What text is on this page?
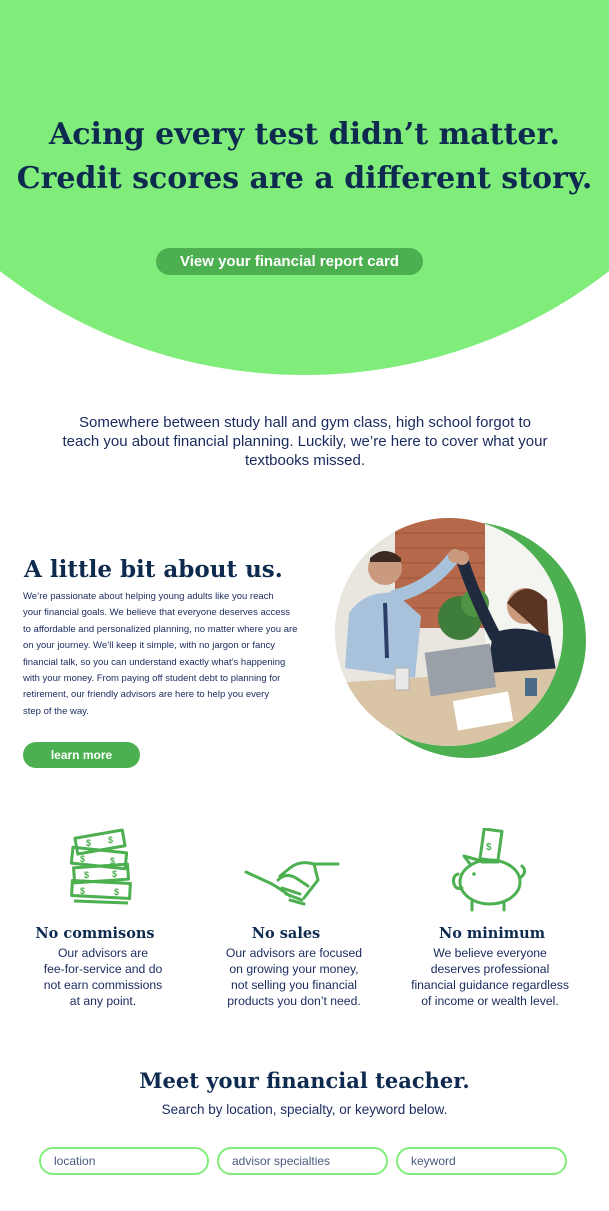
Acing every test didn’t matter.
Credit scores are a different story.
View your financial report card
Somewhere between study hall and gym class, high school forgot to teach you about financial planning. Luckily, we’re here to cover what your textbooks missed.
A little bit about us.
We’re passionate about helping young adults like you reach
your financial goals. We believe that everyone deserves access
to affordable and personalized planning, no matter where you are
on your journey. We’ll keep it simple, with no jargon or fancy
financial talk, so you can understand exactly what’s happening
with your money. From paying off student debt to planning for
retirement, our friendly advisors are here to help you every
step of the way.
learn more
$ $
$	$
$	$
$	$
$
No commisons
Our advisors are
fee-for-service and do
not earn commissions
at any point.
No sales
Our advisors are focused
on growing your money,
not selling you financial
products you don’t need.
No minimum
We believe everyone
deserves professional
financial guidance regardless
of income or wealth level.
Meet your financial teacher.
Search by location, specialty, or keyword below.
location	advisor specialties	keyword
